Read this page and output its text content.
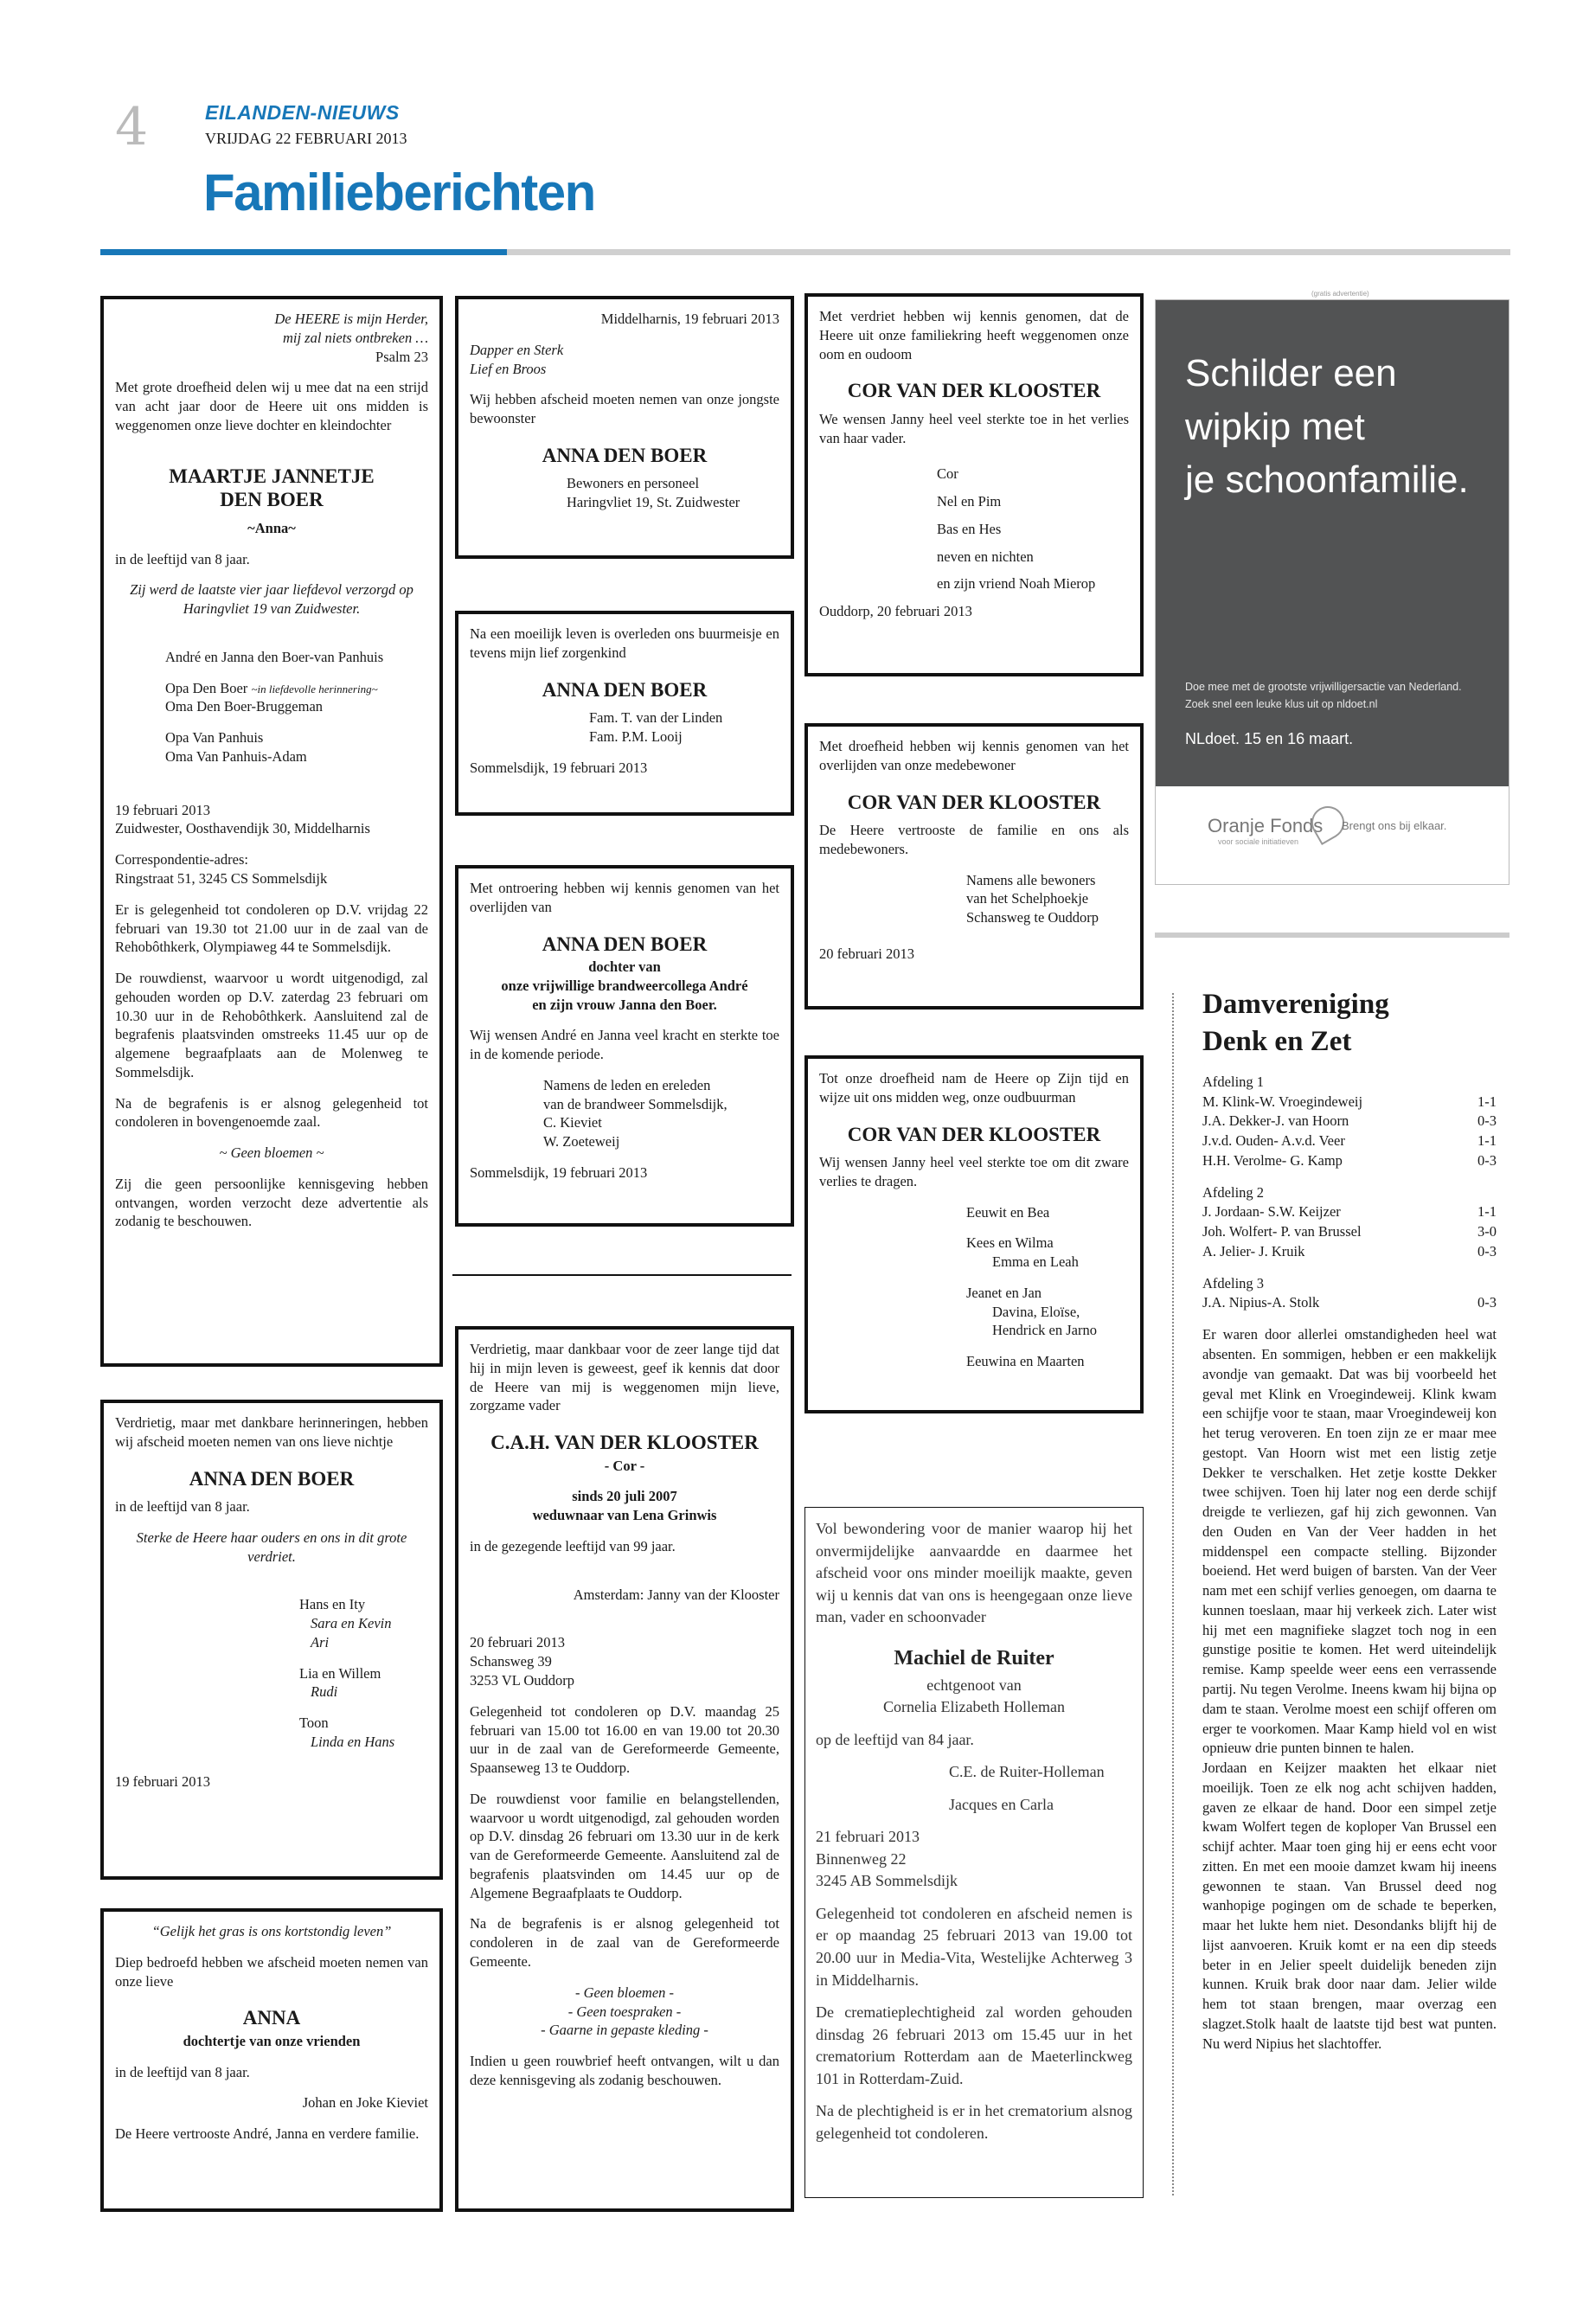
4	EILANDEN-NIEUWS
VRIJDAG 22 FEBRUARI 2013
Familieberichten

De HEERE is mijn Herder,

mij zal niets ontbreken …

Psalm 23

Met grote droefheid delen wij u mee dat na een strijd van acht jaar door de Heere uit ons midden is weggenomen onze lieve dochter en kleindochter

MAARTJE JANNETJE
DEN BOER

~Anna~

in de leeftijd van 8 jaar.

Zij werd de laatste vier jaar liefdevol verzorgd op Haringvliet 19 van Zuidwester.

André en Janna den Boer-van Panhuis

Opa Den Boer ~in liefdevolle herinnering~

Oma Den Boer-Bruggeman

Opa Van Panhuis

Oma Van Panhuis-Adam

19 februari 2013

Zuidwester, Oosthavendijk 30, Middelharnis

Correspondentie-adres:

Ringstraat 51, 3245 CS Sommelsdijk

Er is gelegenheid tot condoleren op D.V. vrijdag 22 februari van 19.30 tot 21.00 uur in de zaal van de Rehobôthkerk, Olympiaweg 44 te Sommelsdijk.

De rouwdienst, waarvoor u wordt uitgenodigd, zal gehouden worden op D.V. zaterdag 23 februari om 10.30 uur in de Rehobôthkerk. Aansluitend zal de begrafenis plaatsvinden omstreeks 11.45 uur op de algemene begraafplaats aan de Molenweg te Sommelsdijk.

Na de begrafenis is er alsnog gelegenheid tot condoleren in bovengenoemde zaal.

~ Geen bloemen ~

Zij die geen persoonlijke kennisgeving hebben ontvangen, worden verzocht deze advertentie als zodanig te beschouwen.

Verdrietig, maar met dankbare herinneringen, hebben wij afscheid moeten nemen van ons lieve nichtje

ANNA DEN BOER

in de leeftijd van 8 jaar.

Sterke de Heere haar ouders en ons in dit grote verdriet.

Hans en Ity

Sara en Kevin

Ari

Lia en Willem

Rudi

Toon

Linda en Hans

19 februari 2013

“Gelijk het gras is ons kortstondig leven”

Diep bedroefd hebben we afscheid moeten nemen van onze lieve

ANNA

dochtertje van onze vrienden

in de leeftijd van 8 jaar.

Johan en Joke Kieviet

De Heere vertrooste André, Janna en verdere familie.

Middelharnis, 19 februari 2013

Dapper en Sterk

Lief en Broos

Wij hebben afscheid moeten nemen van onze jongste bewoonster

ANNA DEN BOER

Bewoners en personeel

Haringvliet 19, St. Zuidwester

Na een moeilijk leven is overleden ons buurmeisje en tevens mijn lief zorgenkind

ANNA DEN BOER

Fam. T. van der Linden

Fam. P.M. Looij

Sommelsdijk, 19 februari 2013

Met ontroering hebben wij kennis genomen van het overlijden van

ANNA DEN BOER

dochter van

onze vrijwillige brandweercollega André

en zijn vrouw Janna den Boer.

Wij wensen André en Janna veel kracht en sterkte toe in de komende periode.

Namens de leden en ereleden

van de brandweer Sommelsdijk,

C. Kieviet

W. Zoeteweij

Sommelsdijk, 19 februari 2013

Verdrietig, maar dankbaar voor de zeer lange tijd dat hij in mijn leven is geweest, geef ik kennis dat door de Heere van mij is weggenomen mijn lieve, zorgzame vader

C.A.H. VAN DER KLOOSTER

- Cor -

sinds 20 juli 2007

weduwnaar van Lena Grinwis

in de gezegende leeftijd van 99 jaar.

Amsterdam: Janny van der Klooster

20 februari 2013

Schansweg 39

3253 VL Ouddorp

Gelegenheid tot condoleren op D.V. maandag 25 februari van 15.00 tot 16.00 en van 19.00 tot 20.30 uur in de zaal van de Gereformeerde Gemeente, Spaanseweg 13 te Ouddorp.

De rouwdienst voor familie en belangstellenden, waarvoor u wordt uitgenodigd, zal gehouden worden op D.V. dinsdag 26 februari om 13.30 uur in de kerk van de Gereformeerde Gemeente. Aansluitend zal de begrafenis plaatsvinden om 14.45 uur op de Algemene Begraafplaats te Ouddorp.

Na de begrafenis is er alsnog gelegenheid tot condoleren in de zaal van de Gereformeerde Gemeente.

- Geen bloemen -

- Geen toespraken -

- Gaarne in gepaste kleding -

Indien u geen rouwbrief heeft ontvangen, wilt u dan deze kennisgeving als zodanig beschouwen.

Met verdriet hebben wij kennis genomen, dat de Heere uit onze familiekring heeft weggenomen onze oom en oudoom

COR VAN DER KLOOSTER

We wensen Janny heel veel sterkte toe in het verlies van haar vader.

Cor

Nel en Pim

Bas en Hes

neven en nichten

en zijn vriend Noah Mierop

Ouddorp, 20 februari 2013

Met droefheid hebben wij kennis genomen van het overlijden van onze medebewoner

COR VAN DER KLOOSTER

De Heere vertrooste de familie en ons als medebewoners.

Namens alle bewoners

van het Schelphoekje

Schansweg te Ouddorp

20 februari 2013

Tot onze droefheid nam de Heere op Zijn tijd en wijze uit ons midden weg, onze oudbuurman

COR VAN DER KLOOSTER

Wij wensen Janny heel veel sterkte toe om dit zware verlies te dragen.

Eeuwit en Bea

Kees en Wilma

Emma en Leah

Jeanet en Jan

Davina, Eloïse,

Hendrick en Jarno

Eeuwina en Maarten

Vol bewondering voor de manier waarop hij het onvermijdelijke aanvaardde en daarmee het afscheid voor ons minder moeilijk maakte, geven wij u kennis dat van ons is heengegaan onze lieve man, vader en schoonvader

Machiel de Ruiter

echtgenoot van

Cornelia Elizabeth Holleman

op de leeftijd van 84 jaar.

C.E. de Ruiter-Holleman

Jacques en Carla

21 februari 2013

Binnenweg 22

3245 AB Sommelsdijk

Gelegenheid tot condoleren en afscheid nemen is er op maandag 25 februari 2013 van 19.00 tot 20.00 uur in Media-Vita, Westelijke Achterweg 3 in Middelharnis.

De crematieplechtigheid zal worden gehouden dinsdag 26 februari 2013 om 15.45 uur in het crematorium Rotterdam aan de Maeterlinckweg 101 in Rotterdam-Zuid.

Na de plechtigheid is er in het crematorium alsnog gelegenheid tot condoleren.

(gratis advertentie)
Schilder een
wipkip met
je schoonfamilie.
Doe mee met de grootste vrijwilligersactie van Nederland.
Zoek snel een leuke klus uit op nldoet.nl
NLdoet. 15 en 16 maart.
Oranje Fonds
voor sociale initiatieven
Brengt ons bij elkaar.
Damvereniging
Denk en Zet
Afdeling 1
M. Klink-W. Vroegindeweij	1-1
J.A. Dekker-J. van Hoorn	0-3
J.v.d. Ouden- A.v.d. Veer	1-1
H.H. Verolme- G. Kamp	0-3
Afdeling 2
J. Jordaan- S.W. Keijzer	1-1
Joh. Wolfert- P. van Brussel	3-0
A. Jelier- J. Kruik	0-3
Afdeling 3
J.A. Nipius-A. Stolk	0-3
Er waren door allerlei omstandigheden heel wat absenten. En sommigen, hebben er een makkelijk avondje van gemaakt. Dat was bij voorbeeld het geval met Klink en Vroegindeweij. Klink kwam een schijfje voor te staan, maar Vroegindeweij kon het terug veroveren. En toen zijn ze er maar mee gestopt. Van Hoorn wist met een listig zetje Dekker te verschalken. Het zetje kostte Dekker twee schijven. Toen hij later nog een derde schijf dreigde te verliezen, gaf hij zich gewonnen. Van den Ouden en Van der Veer hadden in het middenspel een compacte stelling. Bijzonder boeiend. Het werd buigen of barsten. Van der Veer nam met een schijf verlies genoegen, om daarna te kunnen toeslaan, maar hij verkeek zich. Later wist hij met een magnifieke slagzet toch nog in een gunstige positie te komen. Het werd uiteindelijk remise. Kamp speelde weer eens een verrassende partij. Nu tegen Verolme. Ineens kwam hij bijna op dam te staan. Verolme moest een schijf offeren om erger te voorkomen. Maar Kamp hield vol en wist opnieuw drie punten binnen te halen.
Jordaan en Keijzer maakten het elkaar niet moeilijk. Toen ze elk nog acht schijven hadden, gaven ze elkaar de hand. Door een simpel zetje kwam Wolfert tegen de koploper Van Brussel een schijf achter. Maar toen ging hij er eens echt voor zitten. En met een mooie damzet kwam hij ineens gewonnen te staan. Van Brussel deed nog wanhopige pogingen om de schade te beperken, maar het lukte hem niet. Desondanks blijft hij de lijst aanvoeren. Kruik komt er na een dip steeds beter in en Jelier speelt duidelijk beneden zijn kunnen. Kruik brak door naar dam. Jelier wilde hem tot staan brengen, maar overzag een slagzet.Stolk haalt de laatste tijd best wat punten. Nu werd Nipius het slachtoffer.
